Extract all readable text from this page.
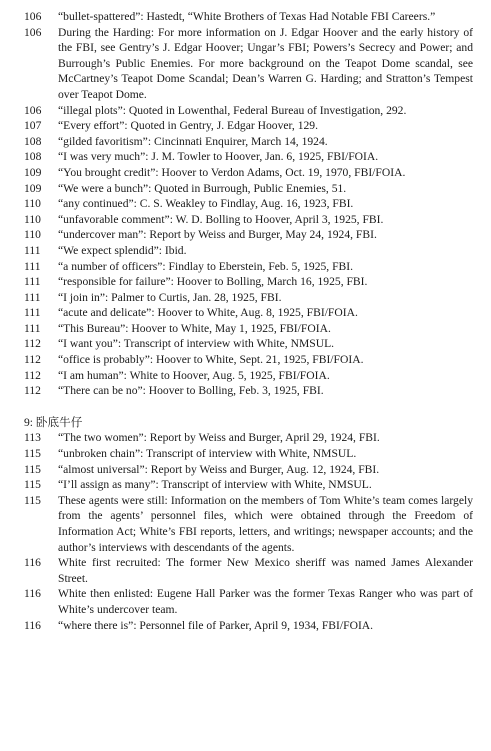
106	“bullet-spattered”: Hastedt, “White Brothers of Texas Had Notable FBI Careers.”
106	During the Harding: For more information on J. Edgar Hoover and the early history of the FBI, see Gentry’s J. Edgar Hoover; Ungar’s FBI; Powers’s Secrecy and Power; and Burrough’s Public Enemies. For more background on the Teapot Dome scandal, see McCartney’s Teapot Dome Scandal; Dean’s Warren G. Harding; and Stratton’s Tempest over Teapot Dome.
106	“illegal plots”: Quoted in Lowenthal, Federal Bureau of Investigation, 292.
107	“Every effort”: Quoted in Gentry, J. Edgar Hoover, 129.
108	“gilded favoritism”: Cincinnati Enquirer, March 14, 1924.
108	“I was very much”: J. M. Towler to Hoover, Jan. 6, 1925, FBI/FOIA.
109	“You brought credit”: Hoover to Verdon Adams, Oct. 19, 1970, FBI/FOIA.
109	“We were a bunch”: Quoted in Burrough, Public Enemies, 51.
110	“any continued”: C. S. Weakley to Findlay, Aug. 16, 1923, FBI.
110	“unfavorable comment”: W. D. Bolling to Hoover, April 3, 1925, FBI.
110	“undercover man”: Report by Weiss and Burger, May 24, 1924, FBI.
111	“We expect splendid”: Ibid.
111	“a number of officers”: Findlay to Eberstein, Feb. 5, 1925, FBI.
111	“responsible for failure”: Hoover to Bolling, March 16, 1925, FBI.
111	“I join in”: Palmer to Curtis, Jan. 28, 1925, FBI.
111	“acute and delicate”: Hoover to White, Aug. 8, 1925, FBI/FOIA.
111	“This Bureau”: Hoover to White, May 1, 1925, FBI/FOIA.
112	“I want you”: Transcript of interview with White, NMSUL.
112	“office is probably”: Hoover to White, Sept. 21, 1925, FBI/FOIA.
112	“I am human”: White to Hoover, Aug. 5, 1925, FBI/FOIA.
112	“There can be no”: Hoover to Bolling, Feb. 3, 1925, FBI.
9: 卧底牛仔
113	“The two women”: Report by Weiss and Burger, April 29, 1924, FBI.
115	“unbroken chain”: Transcript of interview with White, NMSUL.
115	“almost universal”: Report by Weiss and Burger, Aug. 12, 1924, FBI.
115	“I’ll assign as many”: Transcript of interview with White, NMSUL.
115	These agents were still: Information on the members of Tom White’s team comes largely from the agents’ personnel files, which were obtained through the Freedom of Information Act; White’s FBI reports, letters, and writings; newspaper accounts; and the author’s interviews with descendants of the agents.
116	White first recruited: The former New Mexico sheriff was named James Alexander Street.
116	White then enlisted: Eugene Hall Parker was the former Texas Ranger who was part of White’s undercover team.
116	“where there is”: Personnel file of Parker, April 9, 1934, FBI/FOIA.
